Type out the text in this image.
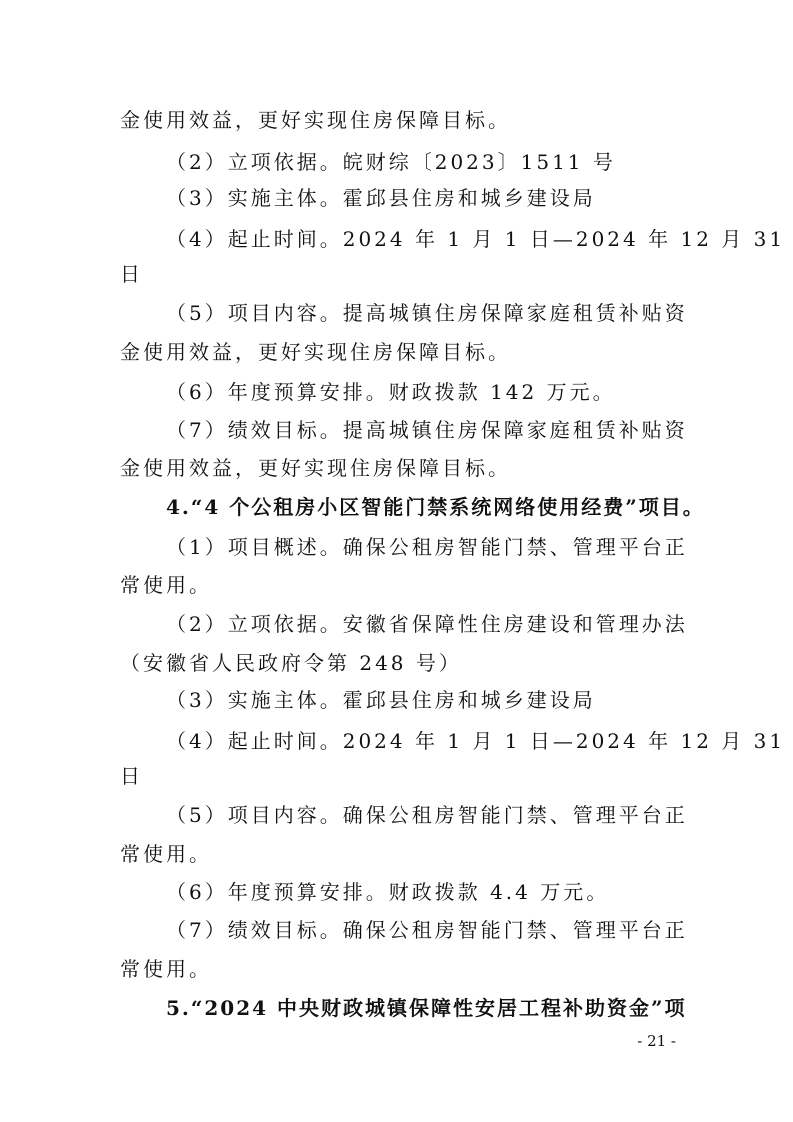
金使用效益，更好实现住房保障目标。
（2）立项依据。皖财综〔2023〕1511 号
（3）实施主体。霍邱县住房和城乡建设局
（4）起止时间。2024 年 1 月 1 日—2024 年 12 月 31
日
（5）项目内容。提高城镇住房保障家庭租赁补贴资
金使用效益，更好实现住房保障目标。
（6）年度预算安排。财政拨款 142 万元。
（7）绩效目标。提高城镇住房保障家庭租赁补贴资
金使用效益，更好实现住房保障目标。
4.“4 个公租房小区智能门禁系统网络使用经费”项目。
（1）项目概述。确保公租房智能门禁、管理平台正
常使用。
（2）立项依据。安徽省保障性住房建设和管理办法
（安徽省人民政府令第 248 号）
（3）实施主体。霍邱县住房和城乡建设局
（4）起止时间。2024 年 1 月 1 日—2024 年 12 月 31
日
（5）项目内容。确保公租房智能门禁、管理平台正
常使用。
（6）年度预算安排。财政拨款 4.4 万元。
（7）绩效目标。确保公租房智能门禁、管理平台正
常使用。
5.“2024 中央财政城镇保障性安居工程补助资金”项
- 21 -
